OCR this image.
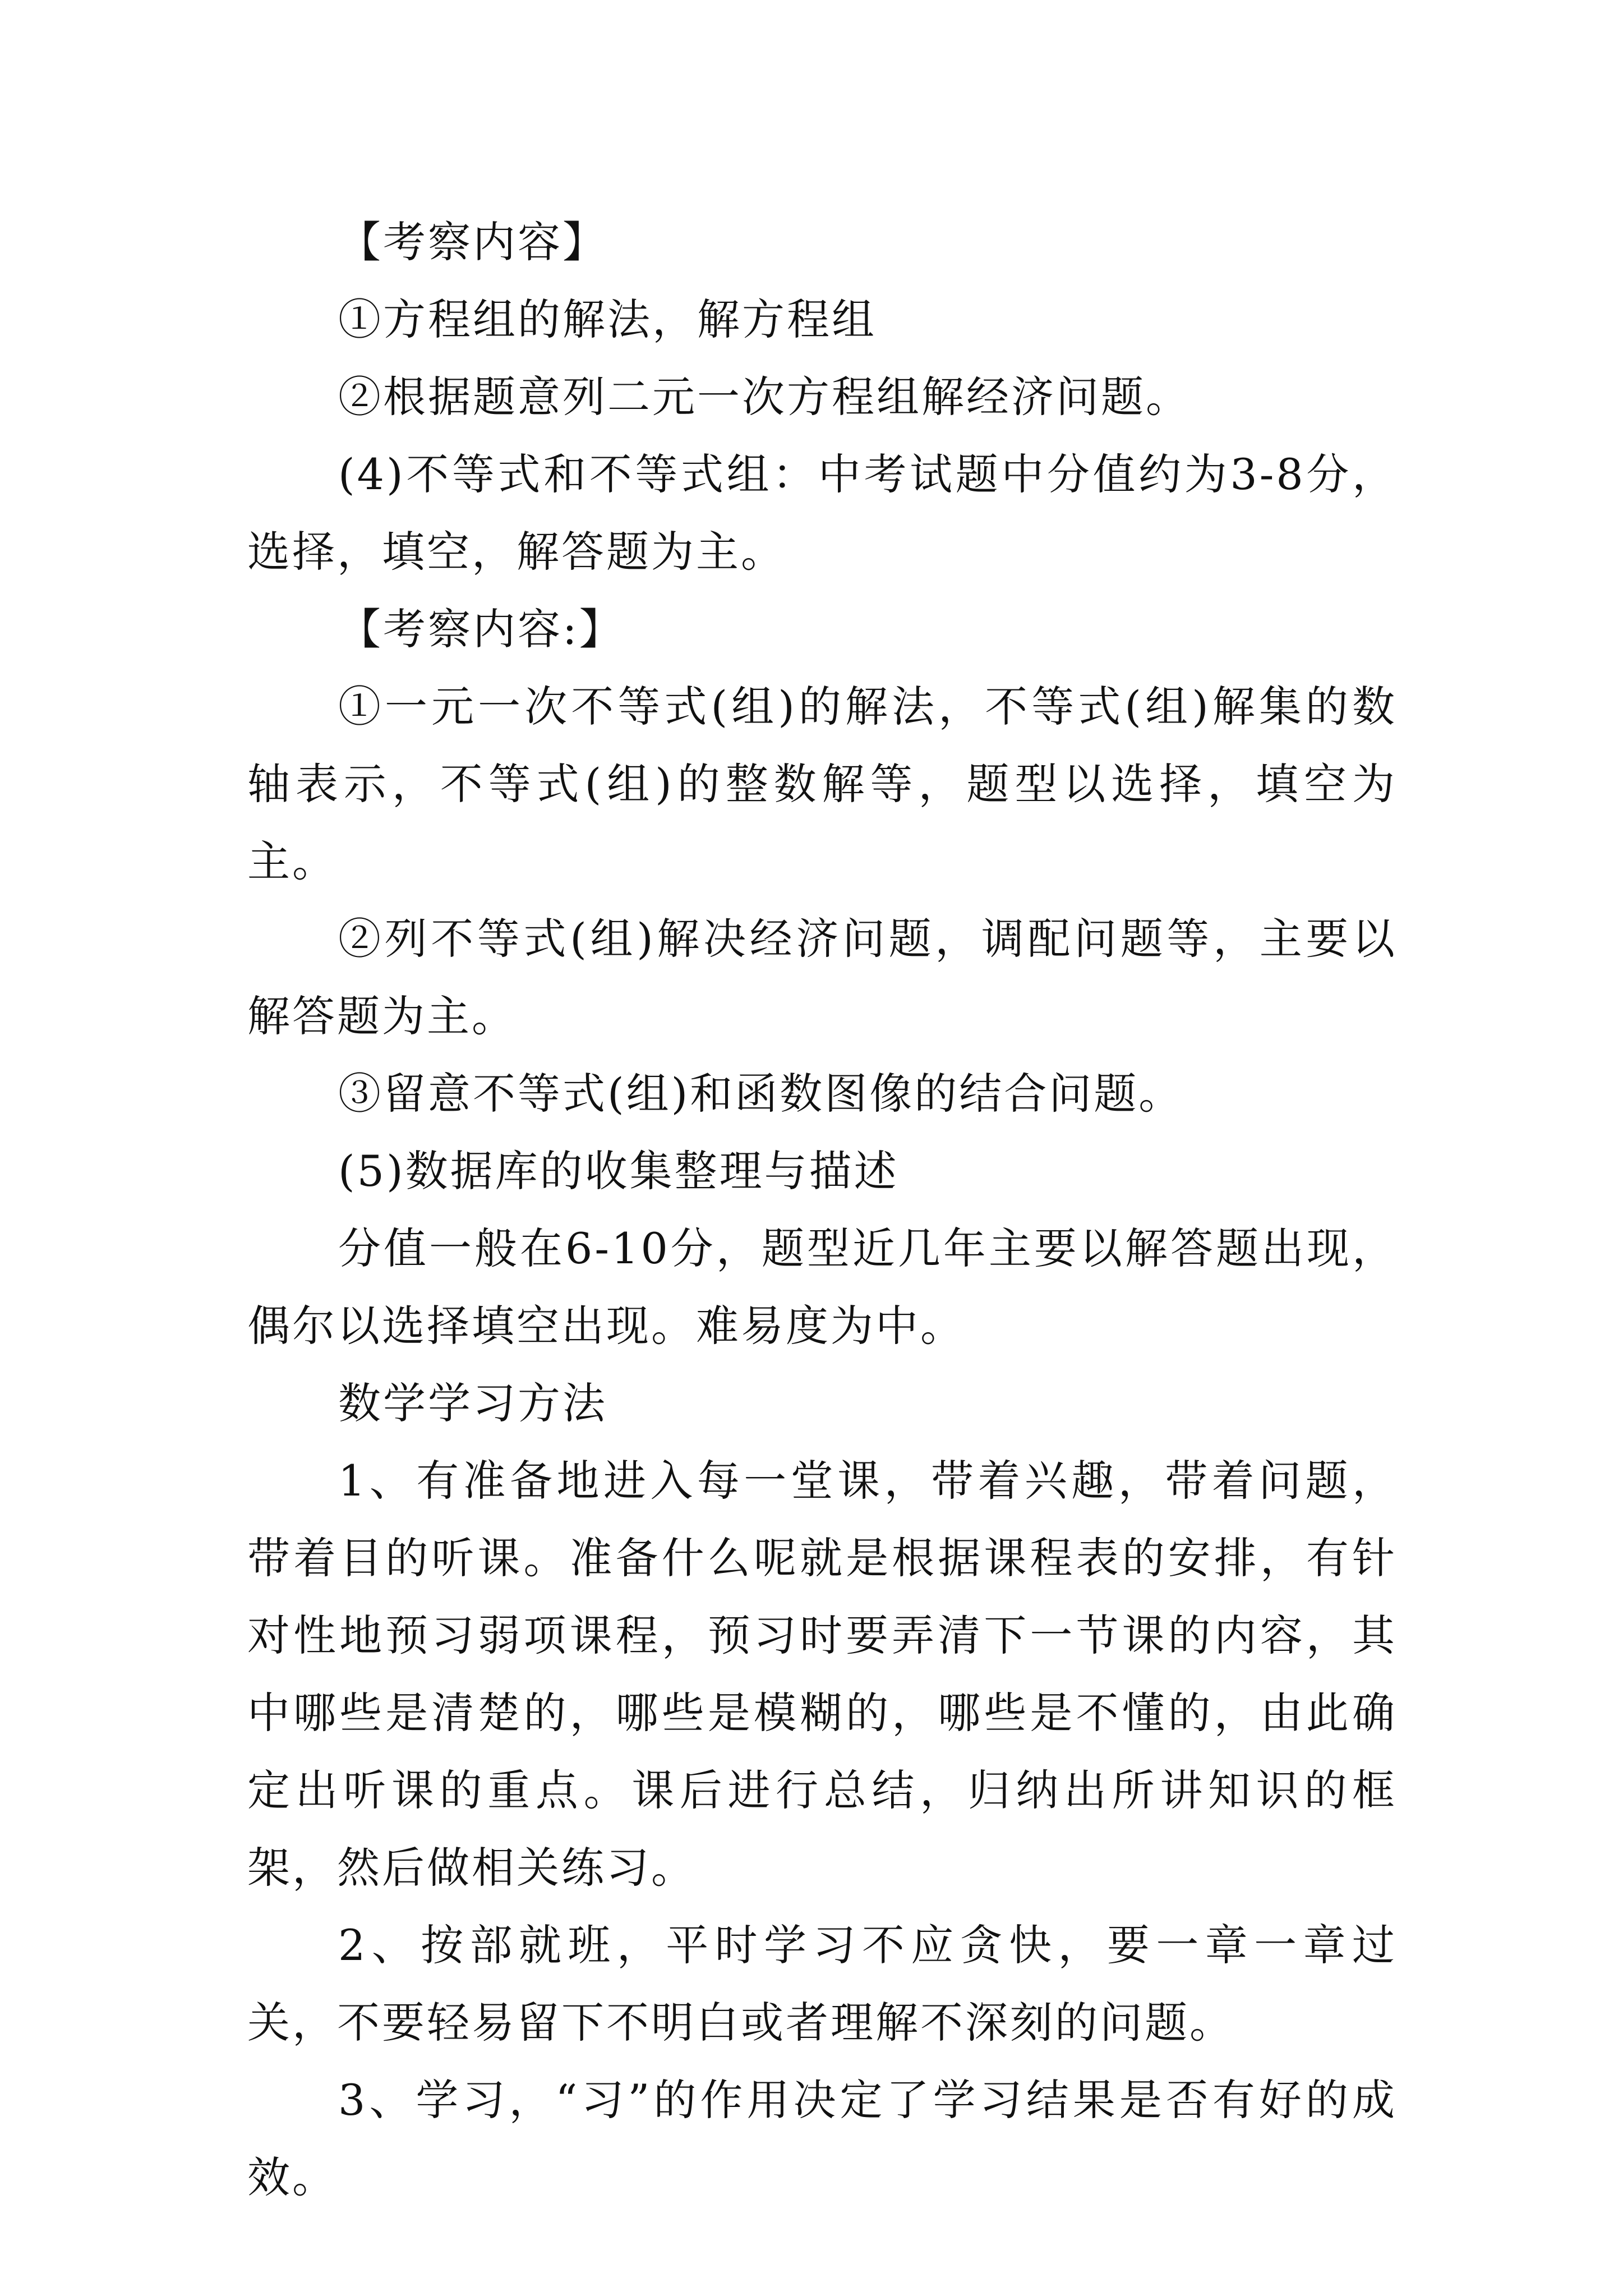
【考察内容】

①方程组的解法，解方程组

②根据题意列二元一次方程组解经济问题。

(4)不等式和不等式组：中考试题中分值约为3-8分，选择，填空，解答题为主。

【考察内容:】

①一元一次不等式(组)的解法，不等式(组)解集的数轴表示，不等式(组)的整数解等，题型以选择，填空为主。

②列不等式(组)解决经济问题，调配问题等，主要以解答题为主。

③留意不等式(组)和函数图像的结合问题。

(5)数据库的收集整理与描述

分值一般在6-10分，题型近几年主要以解答题出现，偶尔以选择填空出现。难易度为中。

数学学习方法

1、有准备地进入每一堂课，带着兴趣，带着问题，带着目的听课。准备什么呢就是根据课程表的安排，有针对性地预习弱项课程，预习时要弄清下一节课的内容，其中哪些是清楚的，哪些是模糊的，哪些是不懂的，由此确定出听课的重点。课后进行总结，归纳出所讲知识的框架，然后做相关练习。

2、按部就班，平时学习不应贪快，要一章一章过关，不要轻易留下不明白或者理解不深刻的问题。

3、学习，“习”的作用决定了学习结果是否有好的成效。
